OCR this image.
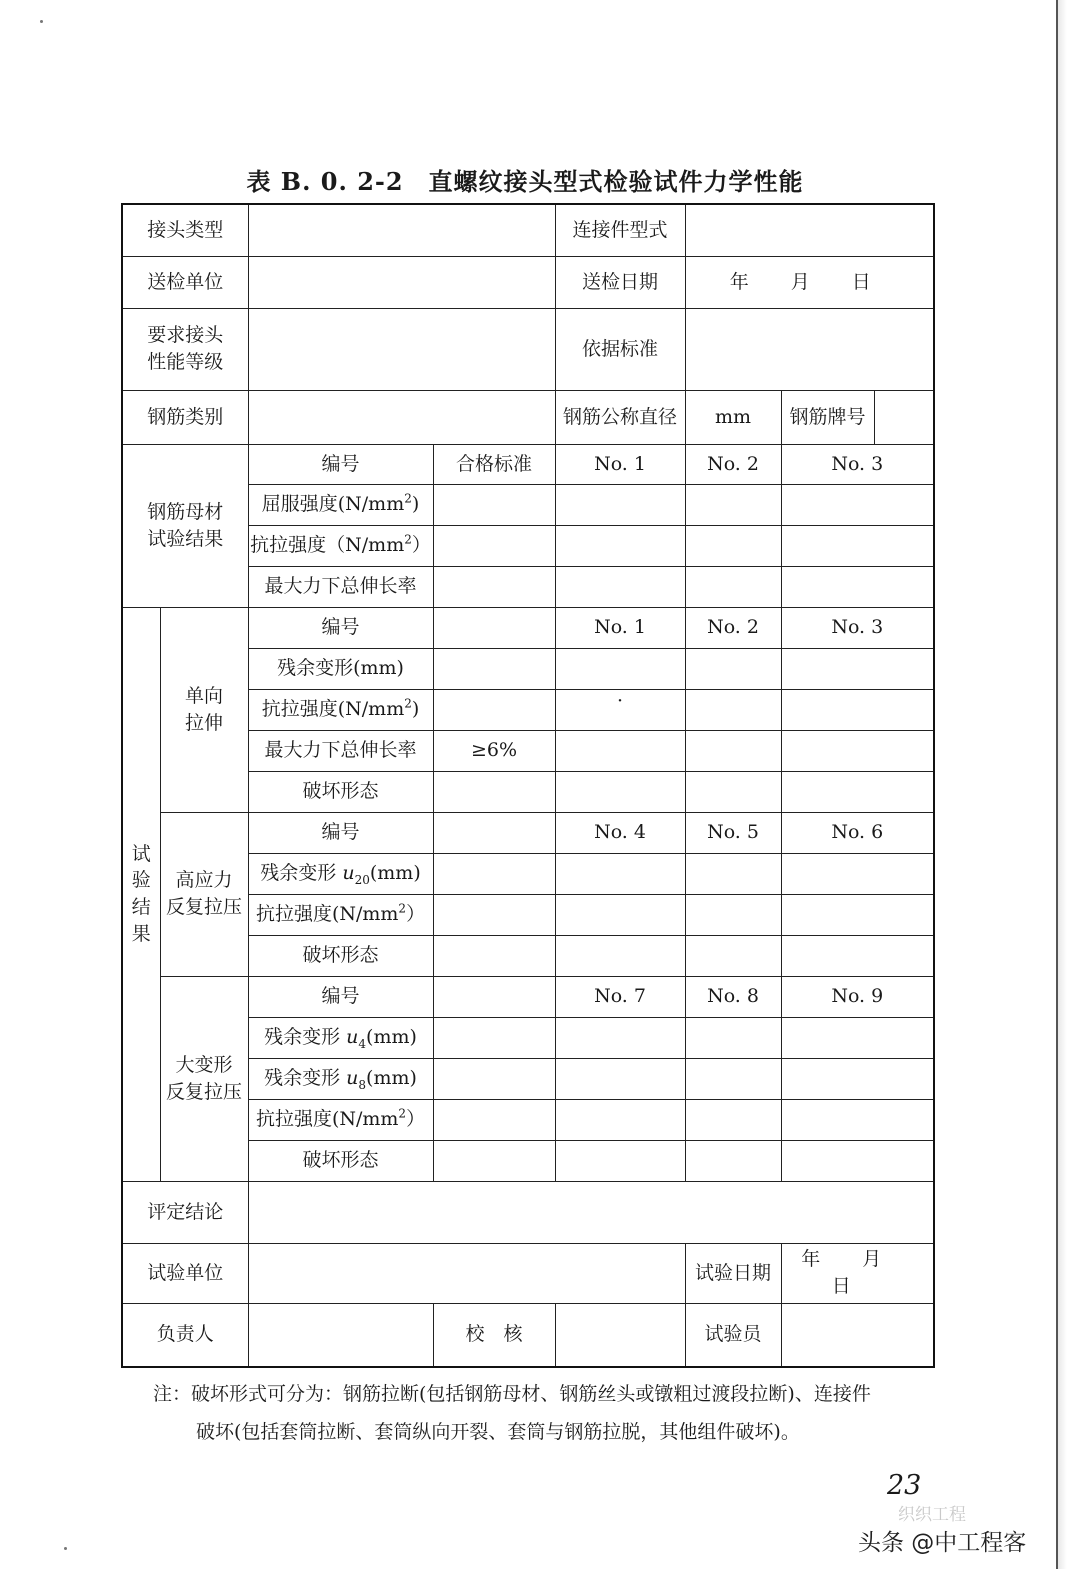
表 B. 0. 2-2　直螺纹接头型式检验试件力学性能
接头类型				连接件型式			
送检单位				送检日期	年 月 日		
要求接头
性能等级				依据标准			
钢筋类别				钢筋公称直径	mm	钢筋牌号	
钢筋母材
试验结果		编号	合格标准	No. 1	No. 2	No. 3	
		屈服强度$(N/mm^2)$					
		抗拉强度$(N/mm^2)$					
		最大力下总伸长率					
试
验
结
果	单向
拉伸	编号		No. 1	No. 2	No. 3	
		残余变形(mm)					
		抗拉强度$(N/mm^2)$		·			
		最大力下总伸长率	≥6%				
		破坏形态					
	高应力
反复拉压	编号		No. 4	No. 5	No. 6	
		残余变形 $u_{20}(mm)$					
		抗拉强度$(N/mm^2)$					
		破坏形态					
	大变形
反复拉压	编号		No. 7	No. 8	No. 9	
		残余变形 $u_4(mm)$					
		残余变形 $u_8(mm)$					
		抗拉强度$(N/mm^2)$					
		破坏形态					
评定结论							
试验单位					试验日期	年 月 日	
负责人			校　核		试验员		
注：破坏形式可分为：钢筋拉断(包括钢筋母材、钢筋丝头或镦粗过渡段拉断)、连接件
破坏(包括套筒拉断、套筒纵向开裂、套筒与钢筋拉脱，其他组件破坏)。
23
织织工程
头条 @中工程客
